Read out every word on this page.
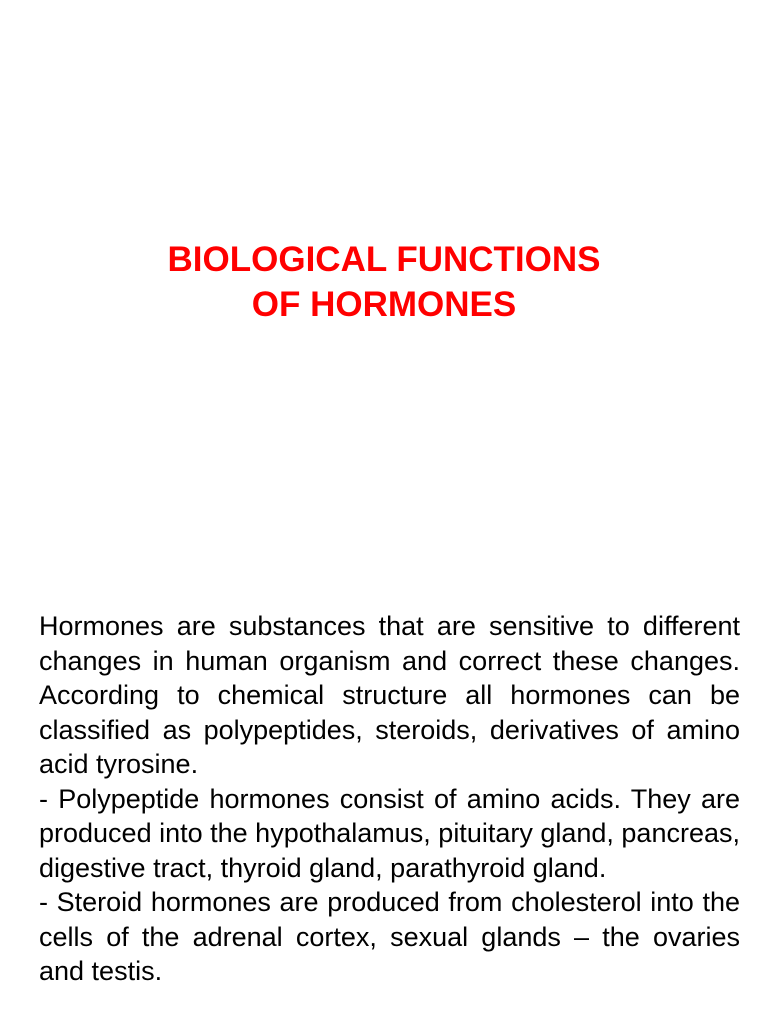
BIOLOGICAL FUNCTIONS
OF HORMONES

Hormones are substances that are sensitive to different changes in human organism and correct these changes. According to chemical structure all hormones can be classified as polypeptides, steroids, derivatives of amino acid tyrosine.

- Polypeptide hormones consist of amino acids. They are produced into the hypothalamus, pituitary gland, pancreas, digestive tract, thyroid gland, parathyroid gland.

- Steroid hormones are produced from cholesterol into the cells of the adrenal cortex, sexual glands – the ovaries and testis.
